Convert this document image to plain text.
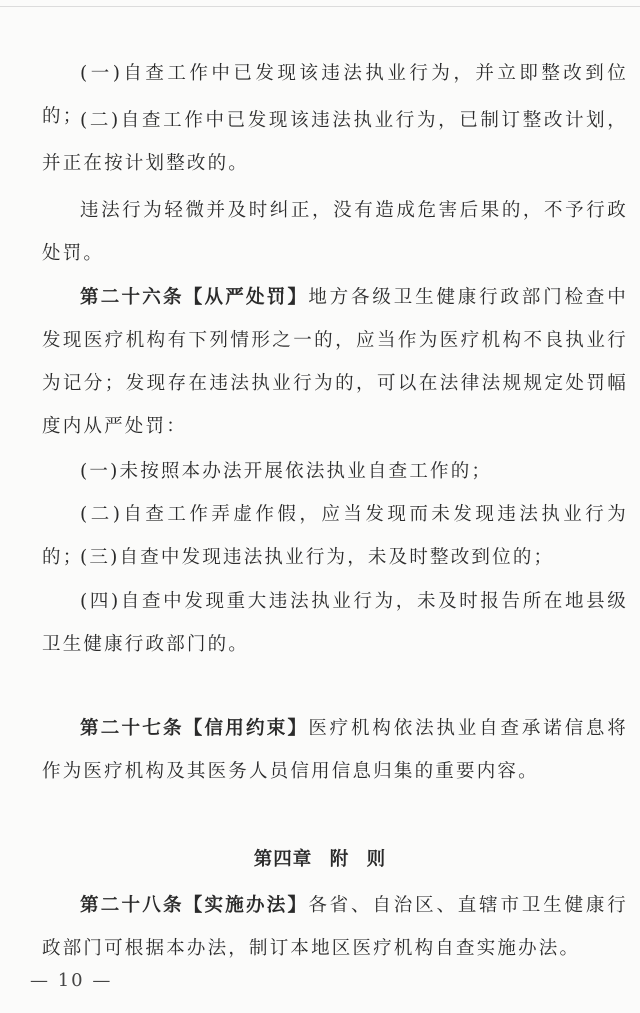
(一)自查工作中已发现该违法执业行为，并立即整改到位的；

(二)自查工作中已发现该违法执业行为，已制订整改计划，并正在按计划整改的。

违法行为轻微并及时纠正，没有造成危害后果的，不予行政处罚。

第二十六条【从严处罚】地方各级卫生健康行政部门检查中发现医疗机构有下列情形之一的，应当作为医疗机构不良执业行为记分；发现存在违法执业行为的，可以在法律法规规定处罚幅度内从严处罚：

(一)未按照本办法开展依法执业自查工作的；

(二)自查工作弄虚作假，应当发现而未发现违法执业行为的；

(三)自查中发现违法执业行为，未及时整改到位的；

(四)自查中发现重大违法执业行为，未及时报告所在地县级卫生健康行政部门的。

第二十七条【信用约束】医疗机构依法执业自查承诺信息将作为医疗机构及其医务人员信用信息归集的重要内容。

第四章 附 则

第二十八条【实施办法】各省、自治区、直辖市卫生健康行政部门可根据本办法，制订本地区医疗机构自查实施办法。

— 10 —
